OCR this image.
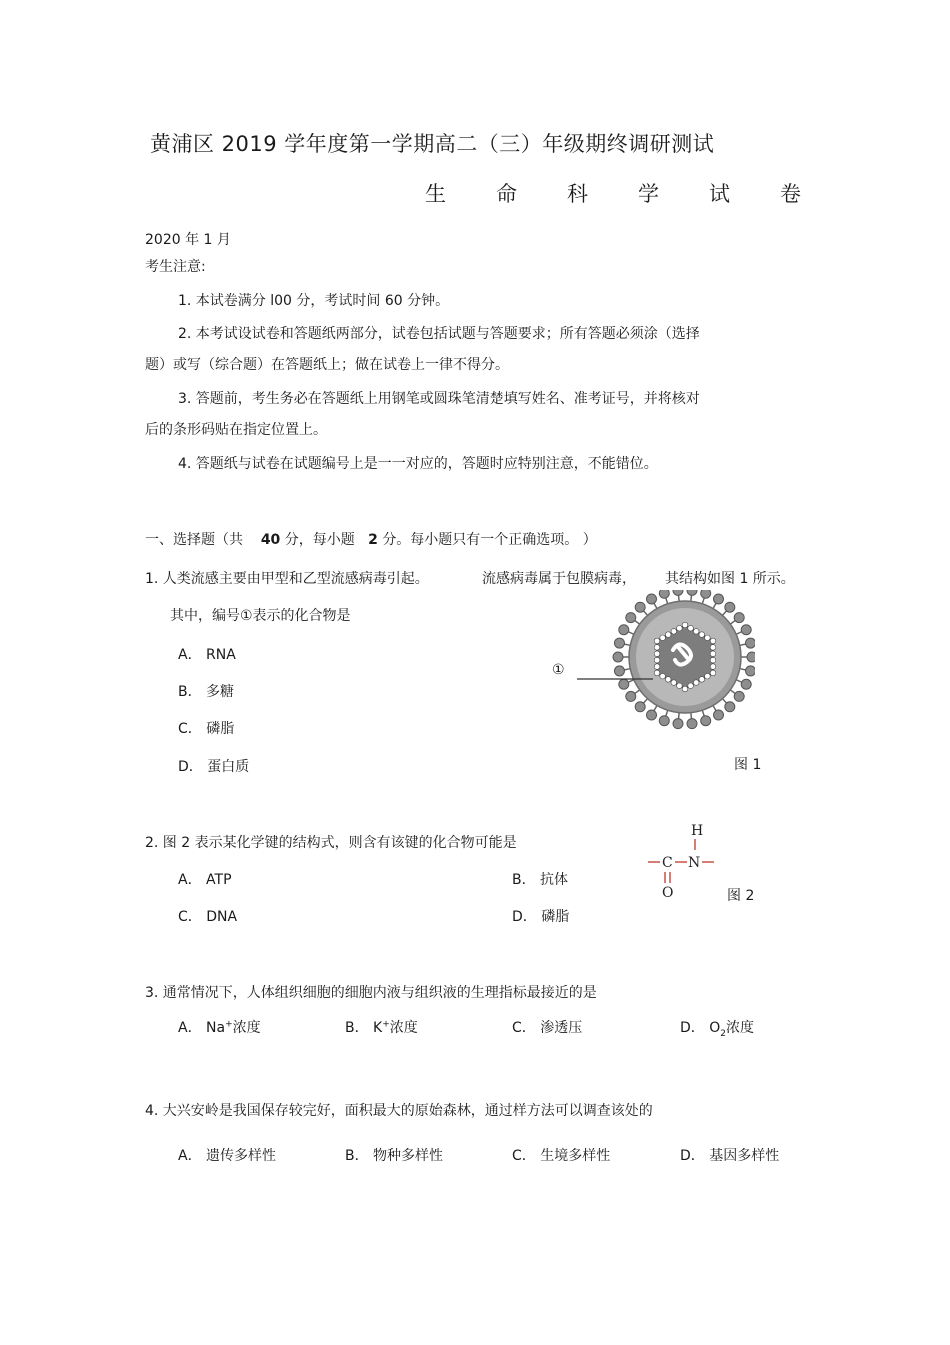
黄浦区 2019 学年度第一学期高二（三）年级期终调研测试
生 命 科 学 试 卷
2020 年 1 月
考生注意:
1. 本试卷满分 l00 分，考试时间 60 分钟。
2. 本考试设试卷和答题纸两部分，试卷包括试题与答题要求；所有答题必须涂（选择
题）或写（综合题）在答题纸上；做在试卷上一律不得分。
3. 答题前，考生务必在答题纸上用钢笔或圆珠笔清楚填写姓名、准考证号，并将核对
后的条形码贴在指定位置上。
4. 答题纸与试卷在试题编号上是一一对应的，答题时应特别注意，不能错位。
一、选择题（共 40 分，每小题 2 分。每小题只有一个正确选项。 ）
1. 人类流感主要由甲型和乙型流感病毒引起。	流感病毒属于包膜病毒， 其结构如图 1 所示。
其中，编号①表示的化合物是
A． RNA
B． 多糖
C． 磷脂
D． 蛋白质
①
图 1
2. 图 2 表示某化学键的结构式，则含有该键的化合物可能是
A． ATP	B． 抗体
C． DNA	D． 磷脂
H
C N
O	图 2
3. 通常情况下，人体组织细胞的细胞内液与组织液的生理指标最接近的是
A． Na+浓度	B． K+浓度	C． 渗透压	D． $O_2$浓度
4. 大兴安岭是我国保存较完好，面积最大的原始森林，通过样方法可以调查该处的
A． 遗传多样性	B． 物种多样性	C． 生境多样性	D． 基因多样性
